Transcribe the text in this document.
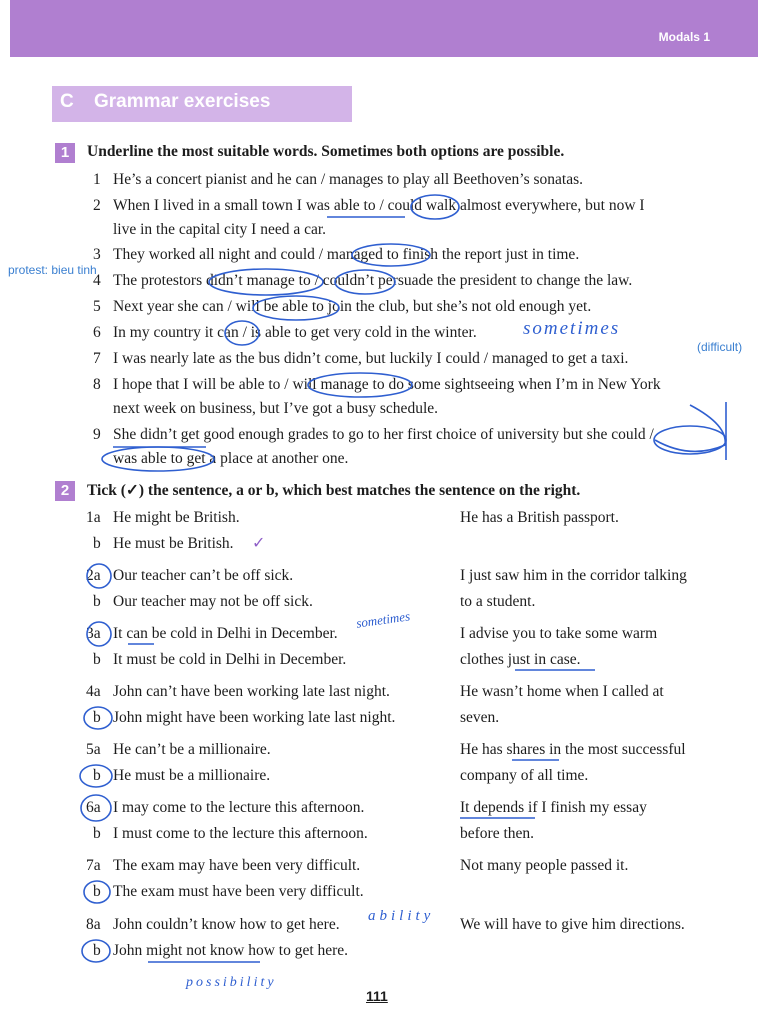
Modals 1
C Grammar exercises
1	Underline the most suitable words. Sometimes both options are possible.
1 He’s a concert pianist and he can / manages to play all Beethoven’s sonatas.
2 When I lived in a small town I was able to / could walk almost everywhere, but now I
live in the capital city I need a car.
3 They worked all night and could / managed to finish the report just in time.
4 The protestors didn’t manage to / couldn’t persuade the president to change the law.
5 Next year she can / will be able to join the club, but she’s not old enough yet.
6 In my country it can / is able to get very cold in the winter.
7 I was nearly late as the bus didn’t come, but luckily I could / managed to get a taxi.
8 I hope that I will be able to / will manage to do some sightseeing when I’m in New York
next week on business, but I’ve got a busy schedule.
9 She didn’t get good enough grades to go to her first choice of university but she could /
was able to get a place at another one.
2	Tick (✓) the sentence, a or b, which best matches the sentence on the right.
1a He might be British.
b He must be British.
He has a British passport.
2a Our teacher can’t be off sick.
b Our teacher may not be off sick.
I just saw him in the corridor talking
to a student.
3a It can be cold in Delhi in December.
b It must be cold in Delhi in December.
I advise you to take some warm
clothes just in case.
4a John can’t have been working late last night.
b John might have been working late last night.
He wasn’t home when I called at
seven.
5a He can’t be a millionaire.
b He must be a millionaire.
He has shares in the most successful
company of all time.
6a I may come to the lecture this afternoon.
b I must come to the lecture this afternoon.
It depends if I finish my essay
before then.
7a The exam may have been very difficult.
b The exam must have been very difficult.
Not many people passed it.
8a John couldn’t know how to get here.
b John might not know how to get here.
We will have to give him directions.
protest: bieu tinh
(difficult)
sometimes
sometimes
ability
possibility
✓
111
